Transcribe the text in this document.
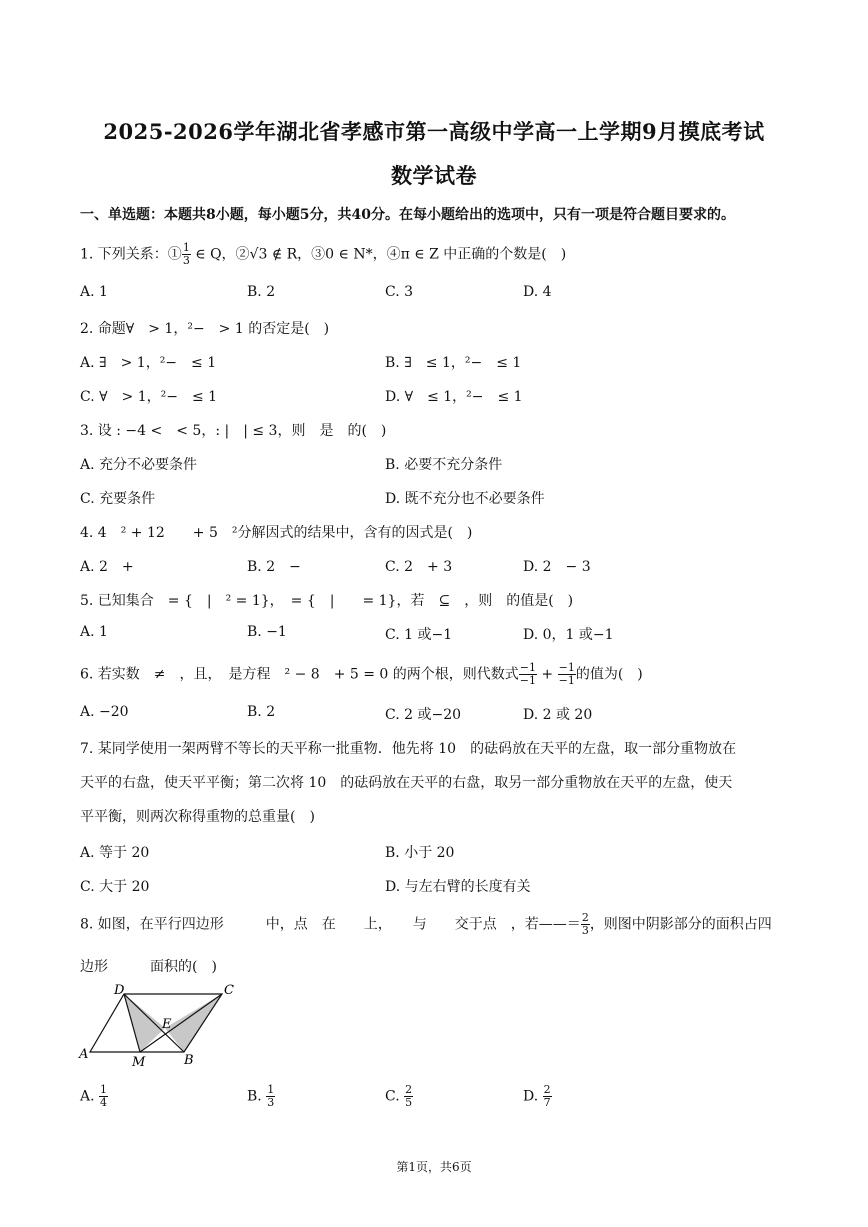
2025-2026学年湖北省孝感市第一高级中学高一上学期9月摸底考试
数学试卷
一、单选题：本题共8小题，每小题5分，共40分。在每小题给出的选项中，只有一项是符合题目要求的。
1. 下列关系：① $\frac{1}{3}$ ∈ Q，②√3 ∉ R，③0 ∈ N*，④π ∈ Z 中正确的个数是(　)
A. 1	B. 2	C. 3	D. 4
2. 命题∀　> 1，²−　> 1 的否定是(　)
A. ∃　> 1，²−　≤ 1	B. ∃　≤ 1，²−　≤ 1
C. ∀　> 1，²−　≤ 1	D. ∀　≤ 1，²−　≤ 1
3. 设 : −4 <　< 5，: |　| ≤ 3，则　是　的(　)
A. 充分不必要条件	B. 必要不充分条件
C. 充要条件	D. 既不充分也不必要条件
4. 4　² + 12　　+ 5　²分解因式的结果中，含有的因式是(　)
A. 2　+	B. 2　−	C. 2　+ 3	D. 2　− 3
5. 已知集合　= {　|　² = 1}，　= {　|　　= 1}，若　⊆　，则　的值是(　)
A. 1	B. −1	C. 1 或−1	D. 0，1 或−1
6. 若实数　≠　，且，　是方程　² − 8　+ 5 = 0 的两个根，则代数式 $\frac{-1}{-1} + \frac{-1}{-1}$ 的值为(　)
A. −20	B. 2	C. 2 或−20	D. 2 或 20
7. 某同学使用一架两臂不等长的天平称一批重物．他先将 10　的砝码放在天平的左盘，取一部分重物放在
天平的右盘，使天平平衡；第二次将 10　的砝码放在天平的右盘，取另一部分重物放在天平的左盘，使天
平平衡，则两次称得重物的总重量(　)
A. 等于 20	B. 小于 20
C. 大于 20	D. 与左右臂的长度有关
8. 如图，在平行四边形　　　中，点　在　　上，　　与　　交于点　，若——＝ $\frac{2}{3}$ ，则图中阴影部分的面积占四
边形　　　面积的(　)
D	C
A	B
M
E
A. $\frac{1}{4}$	B. $\frac{1}{3}$	C. $\frac{2}{5}$	D. $\frac{2}{7}$
第1页，共6页
